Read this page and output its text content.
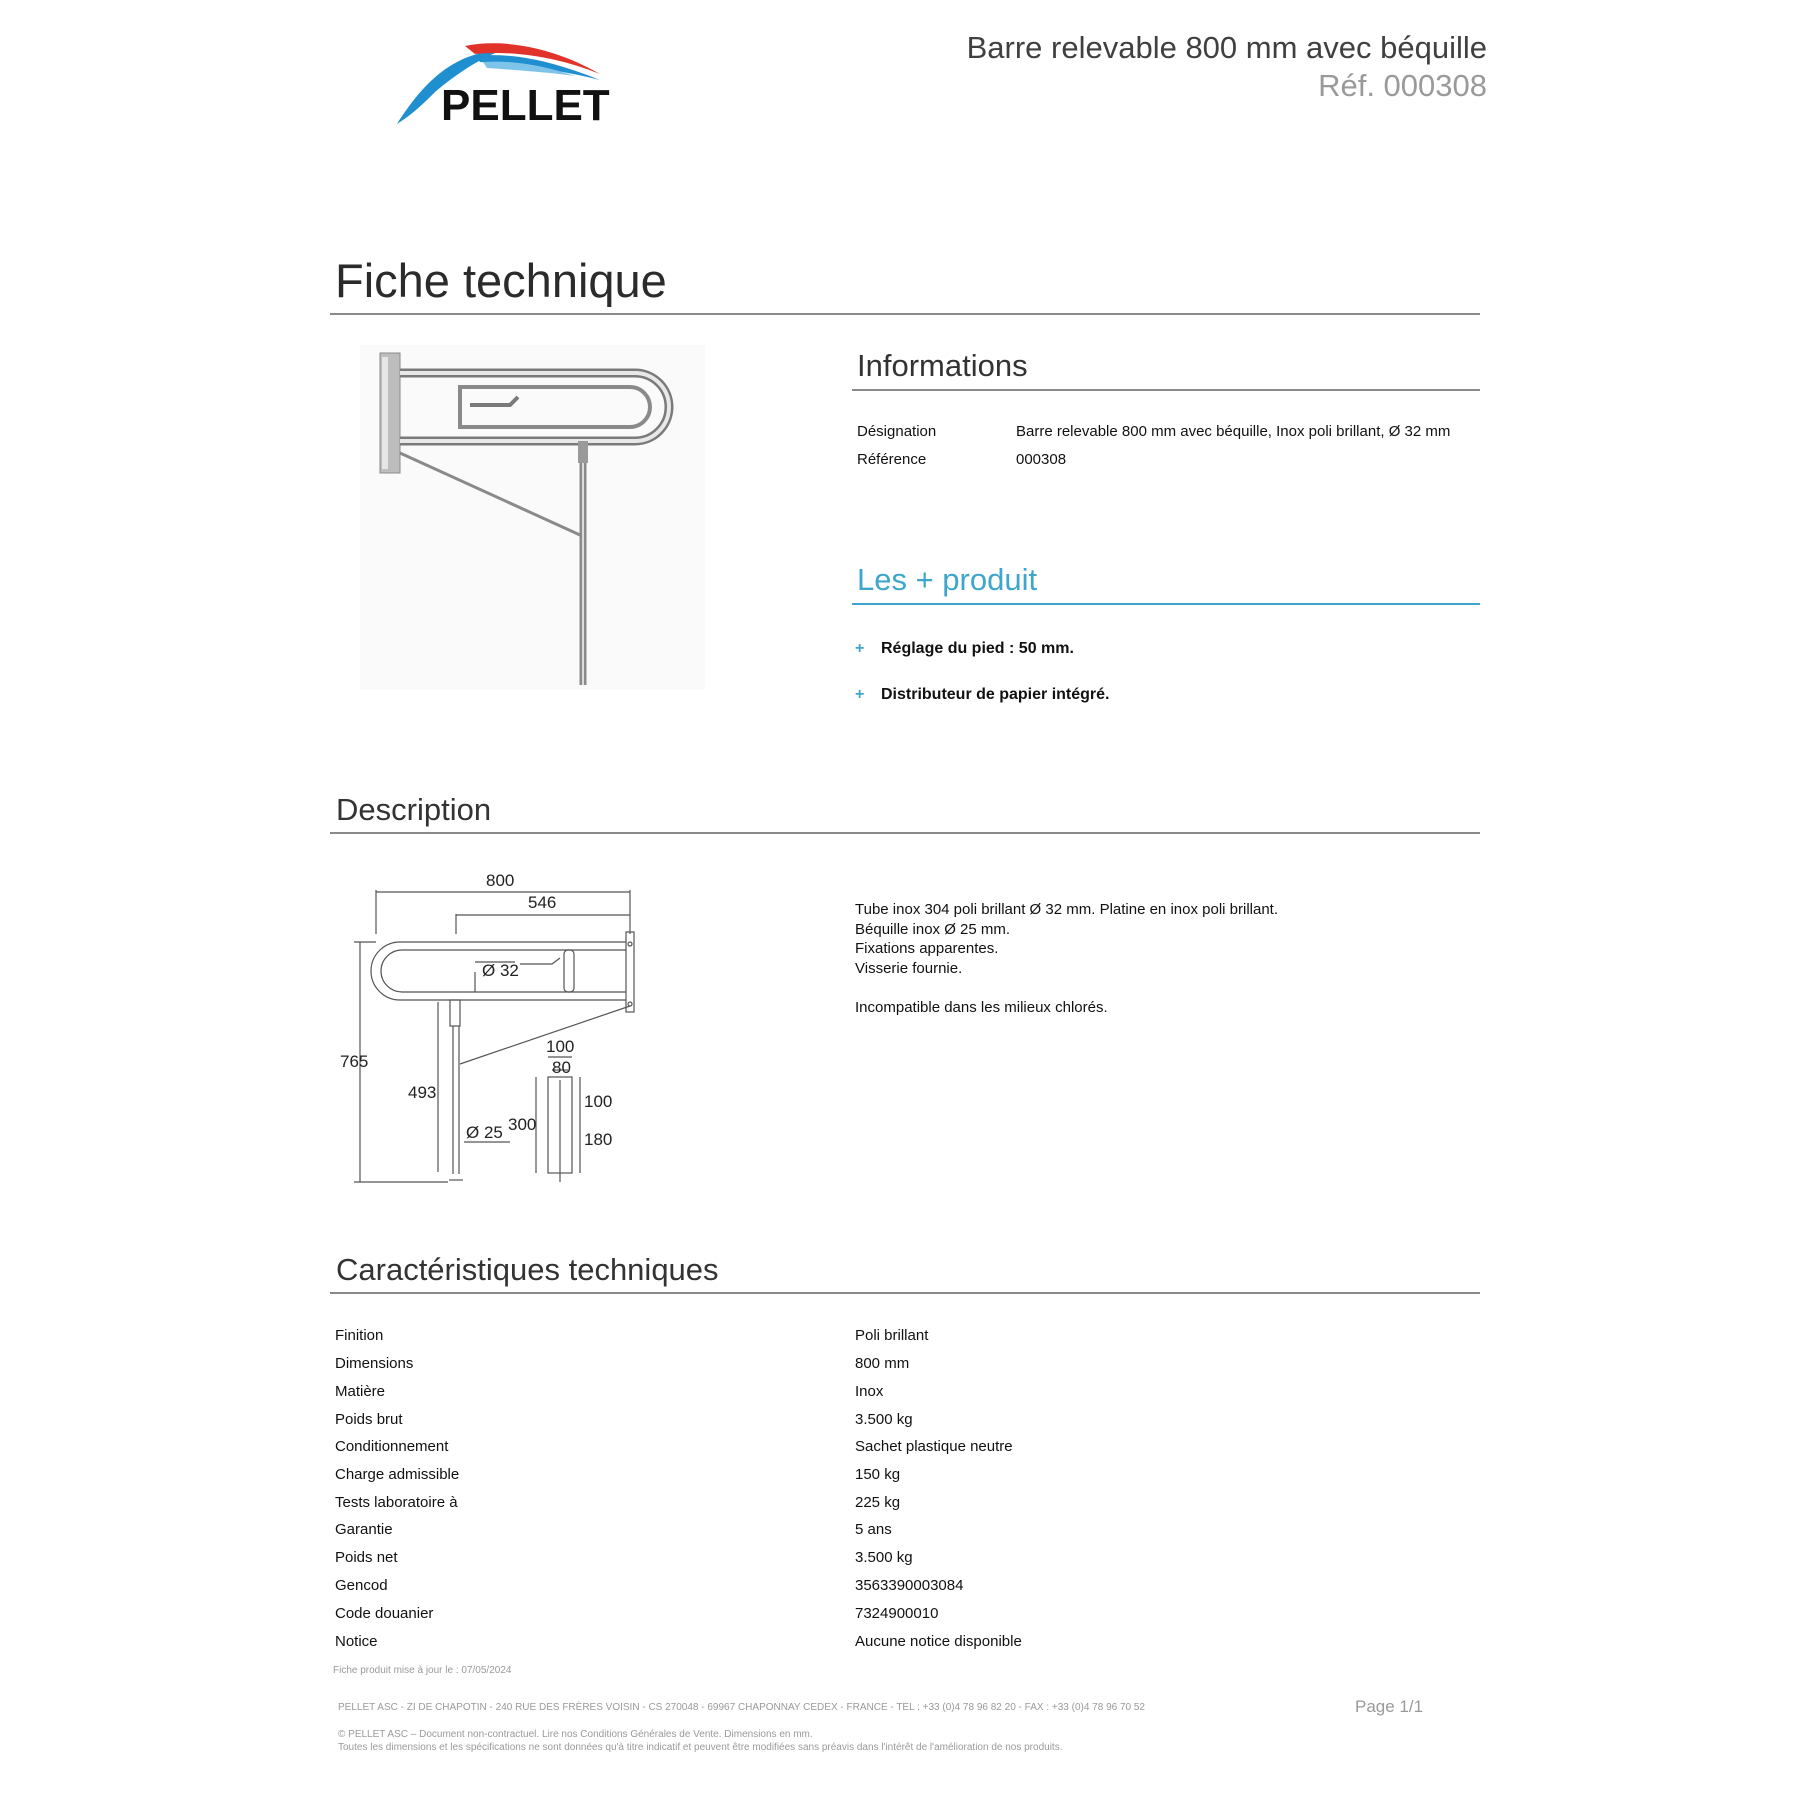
PELLET
Barre relevable 800 mm avec béquille
Réf. 000308
Fiche technique
Informations
Désignation	Barre relevable 800 mm avec béquille, Inox poli brillant, Ø 32 mm
Référence	000308
Les + produit
+ Réglage du pied : 50 mm.
+ Distributeur de papier intégré.
Description
800
546
Ø 32
765
493
Ø 25
100
80
300
100
180
Tube inox 304 poli brillant Ø 32 mm. Platine en inox poli brillant.
Béquille inox Ø 25 mm.
Fixations apparentes.
Visserie fournie.
Incompatible dans les milieux chlorés.
Caractéristiques techniques
Finition	Poli brillant
Dimensions	800 mm
Matière	Inox
Poids brut	3.500 kg
Conditionnement	Sachet plastique neutre
Charge admissible	150 kg
Tests laboratoire à	225 kg
Garantie	5 ans
Poids net	3.500 kg
Gencod	3563390003084
Code douanier	7324900010
Notice	Aucune notice disponible
Fiche produit mise à jour le : 07/05/2024
PELLET ASC - ZI DE CHAPOTIN - 240 RUE DES FRÈRES VOISIN - CS 270048 - 69967 CHAPONNAY CEDEX - FRANCE - TEL : +33 (0)4 78 96 82 20 - FAX : +33 (0)4 78 96 70 52	Page 1/1
© PELLET ASC – Document non-contractuel. Lire nos Conditions Générales de Vente. Dimensions en mm.
Toutes les dimensions et les spécifications ne sont données qu'à titre indicatif et peuvent être modifiées sans préavis dans l'intérêt de l'amélioration de nos produits.
